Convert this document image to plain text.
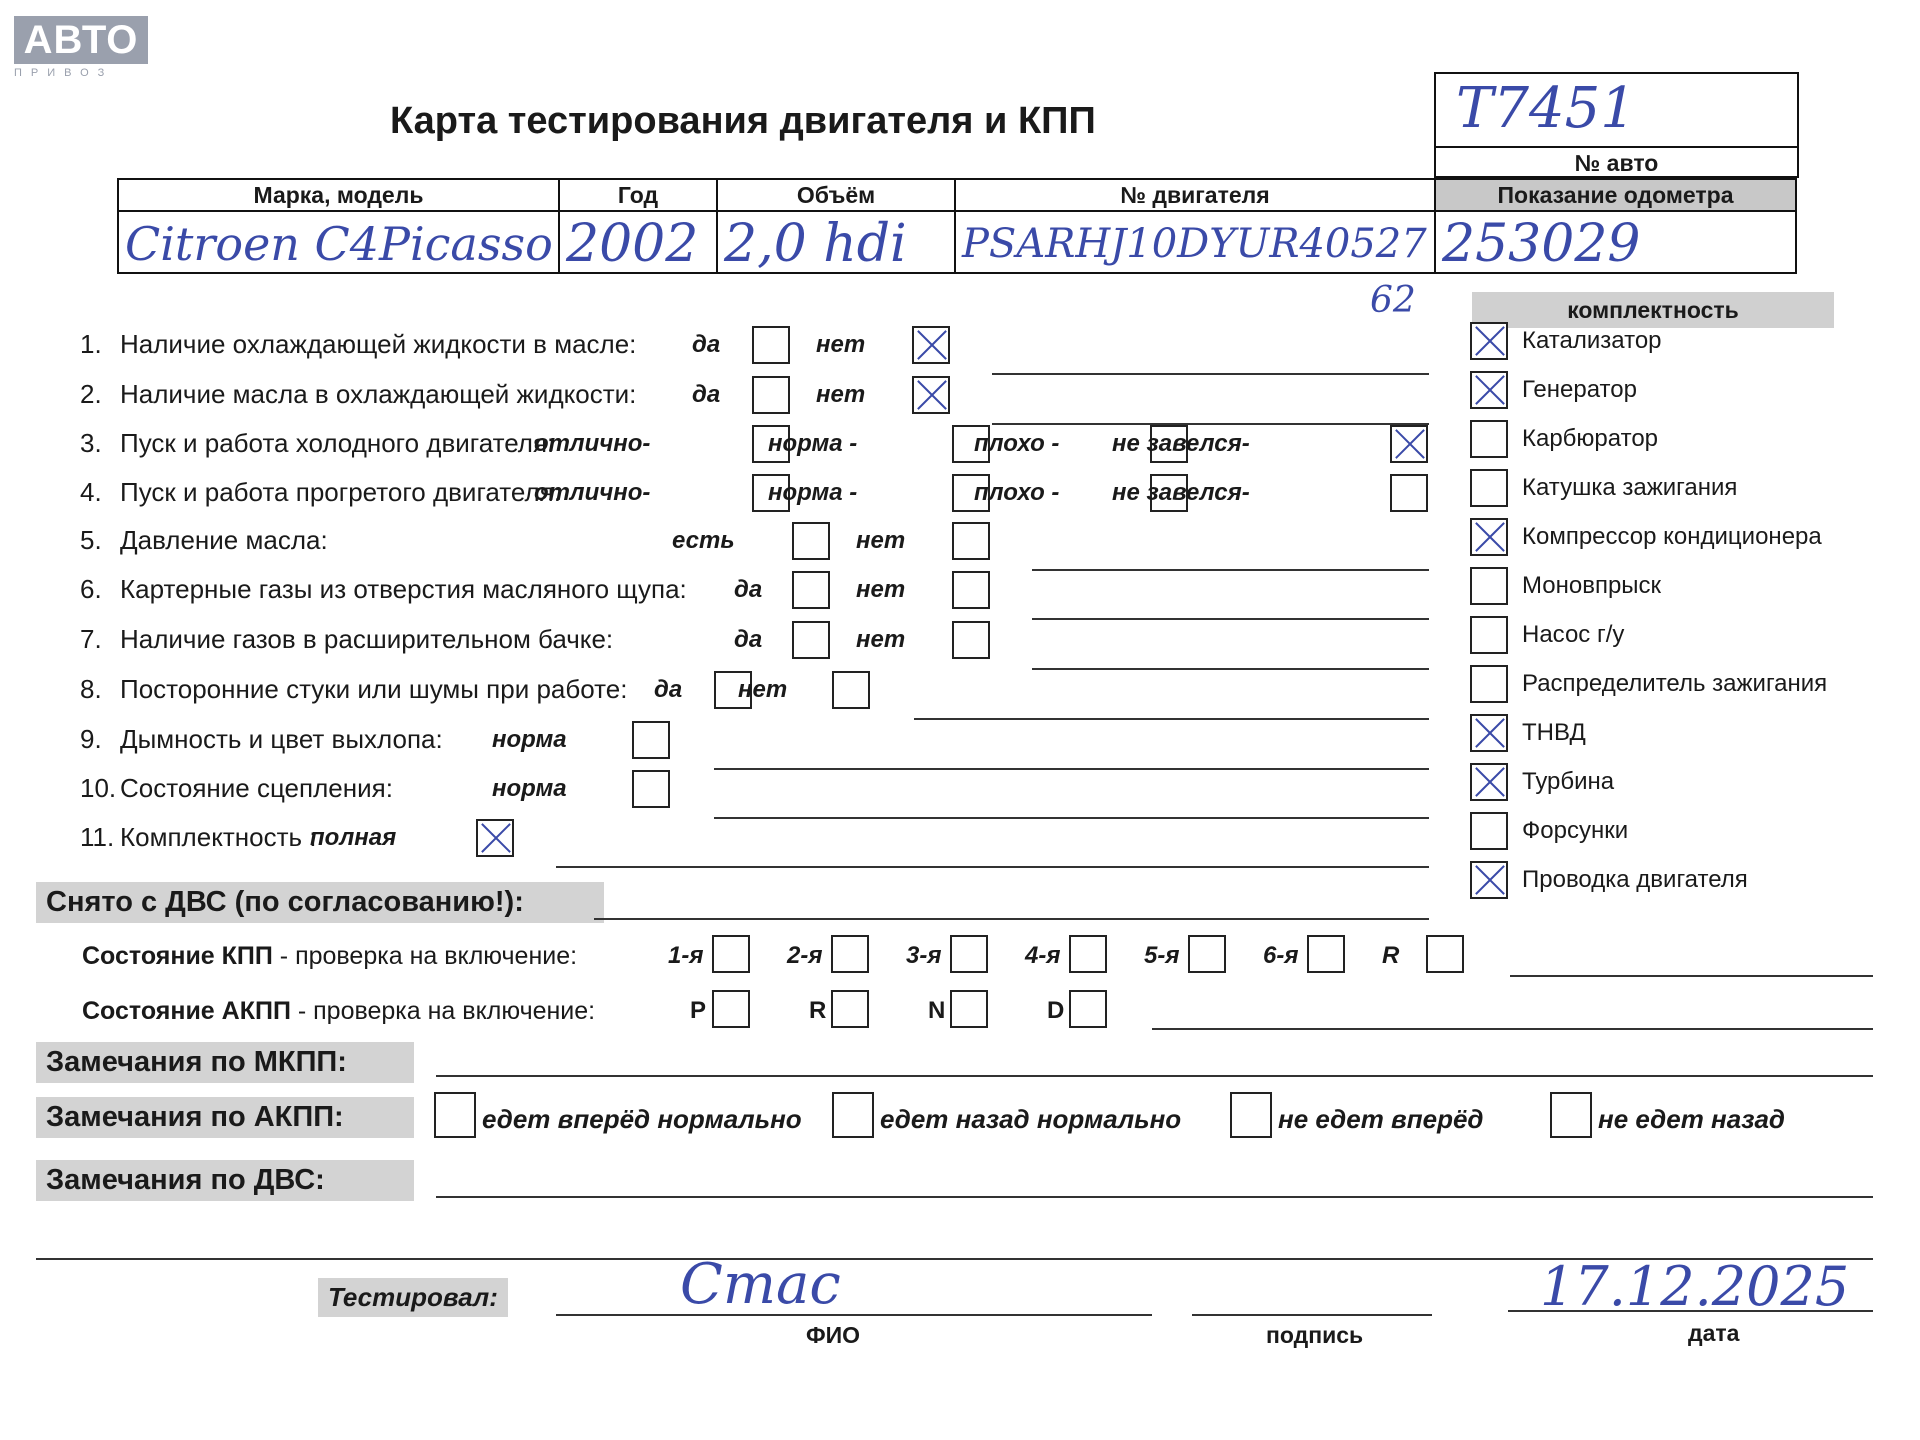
АВТО
ПРИВОЗ
Карта тестирования двигателя и КПП	T7451
№ авто
Марка, модель
Citroen C4Picasso
Год
2002
Объём
2,0 hdi
№ двигателя
PSARHJ10DYUR40527
Показание одометра
253029
62	комплектность
1. Наличие охлаждающей жидкости в масле: да	нет
2. Наличие масла в охлаждающей жидкости: да	нет
3. Пуск и работа холодного двигателя:
отлично-	норма -	плохо - не завелся-
4. Пуск и работа прогретого двигателя:
отлично-	норма -	плохо - не завелся-
5. Давление масла:	есть	нет
6. Картерные газы из отверстия масляного щупа: да	нет
7. Наличие газов в расширительном бачке:	да	нет
8. Посторонние стуки или шумы при работе: да нет
9. Дымность и цвет выхлопа: норма
10. Состояние сцепления:	норма
11. Комплектность :
полная
Катализатор
Генератор
Карбюратор
Катушка зажигания
Компрессор кондиционера
Моновпрыск
Насос г/у
Распределитель зажигания
ТНВД
Турбина
Форсунки
Проводка двигателя
Снято с ДВС (по согласованию!):
Состояние КПП - проверка на включение:	1-я	2-я	3-я	4-я	5-я	6-я	R
Состояние АКПП - проверка на включение:	P	R	N	D
Замечания по МКПП:
Замечания по АКПП:	едет вперёд нормально	едет назад нормально	не едет вперёд	не едет назад
Замечания по ДВС:
Тестировал:	Стас	17.12.2025
ФИО	подпись	дата
